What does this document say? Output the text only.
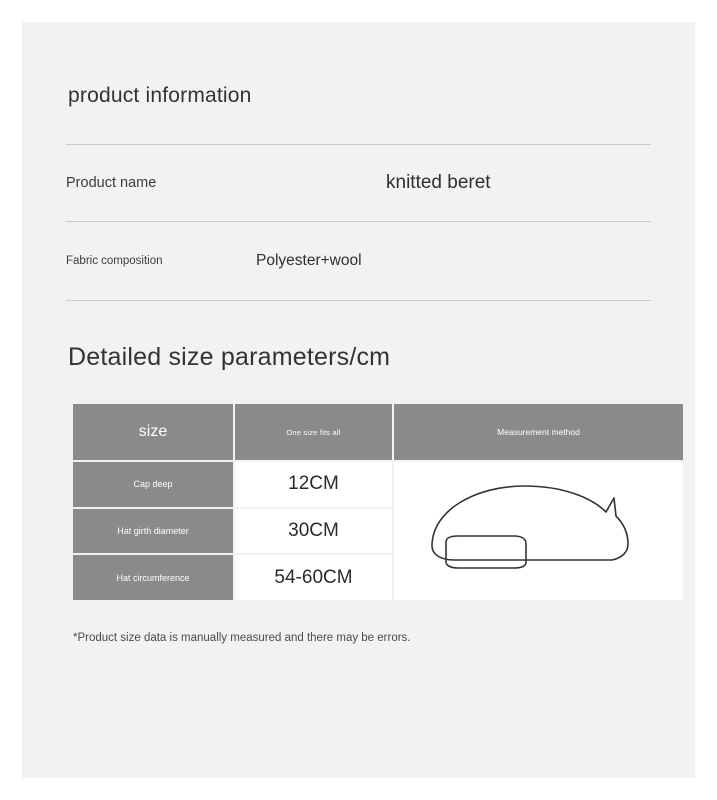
product information
Product name	knitted beret
Fabric composition	Polyester+wool
Detailed size parameters/cm
size	One size fits all	Measurement method
Cap deep	12CM	

Hat girth diameter	30CM	
Hat circumference	54-60CM	
*Product size data is manually measured and there may be errors.
